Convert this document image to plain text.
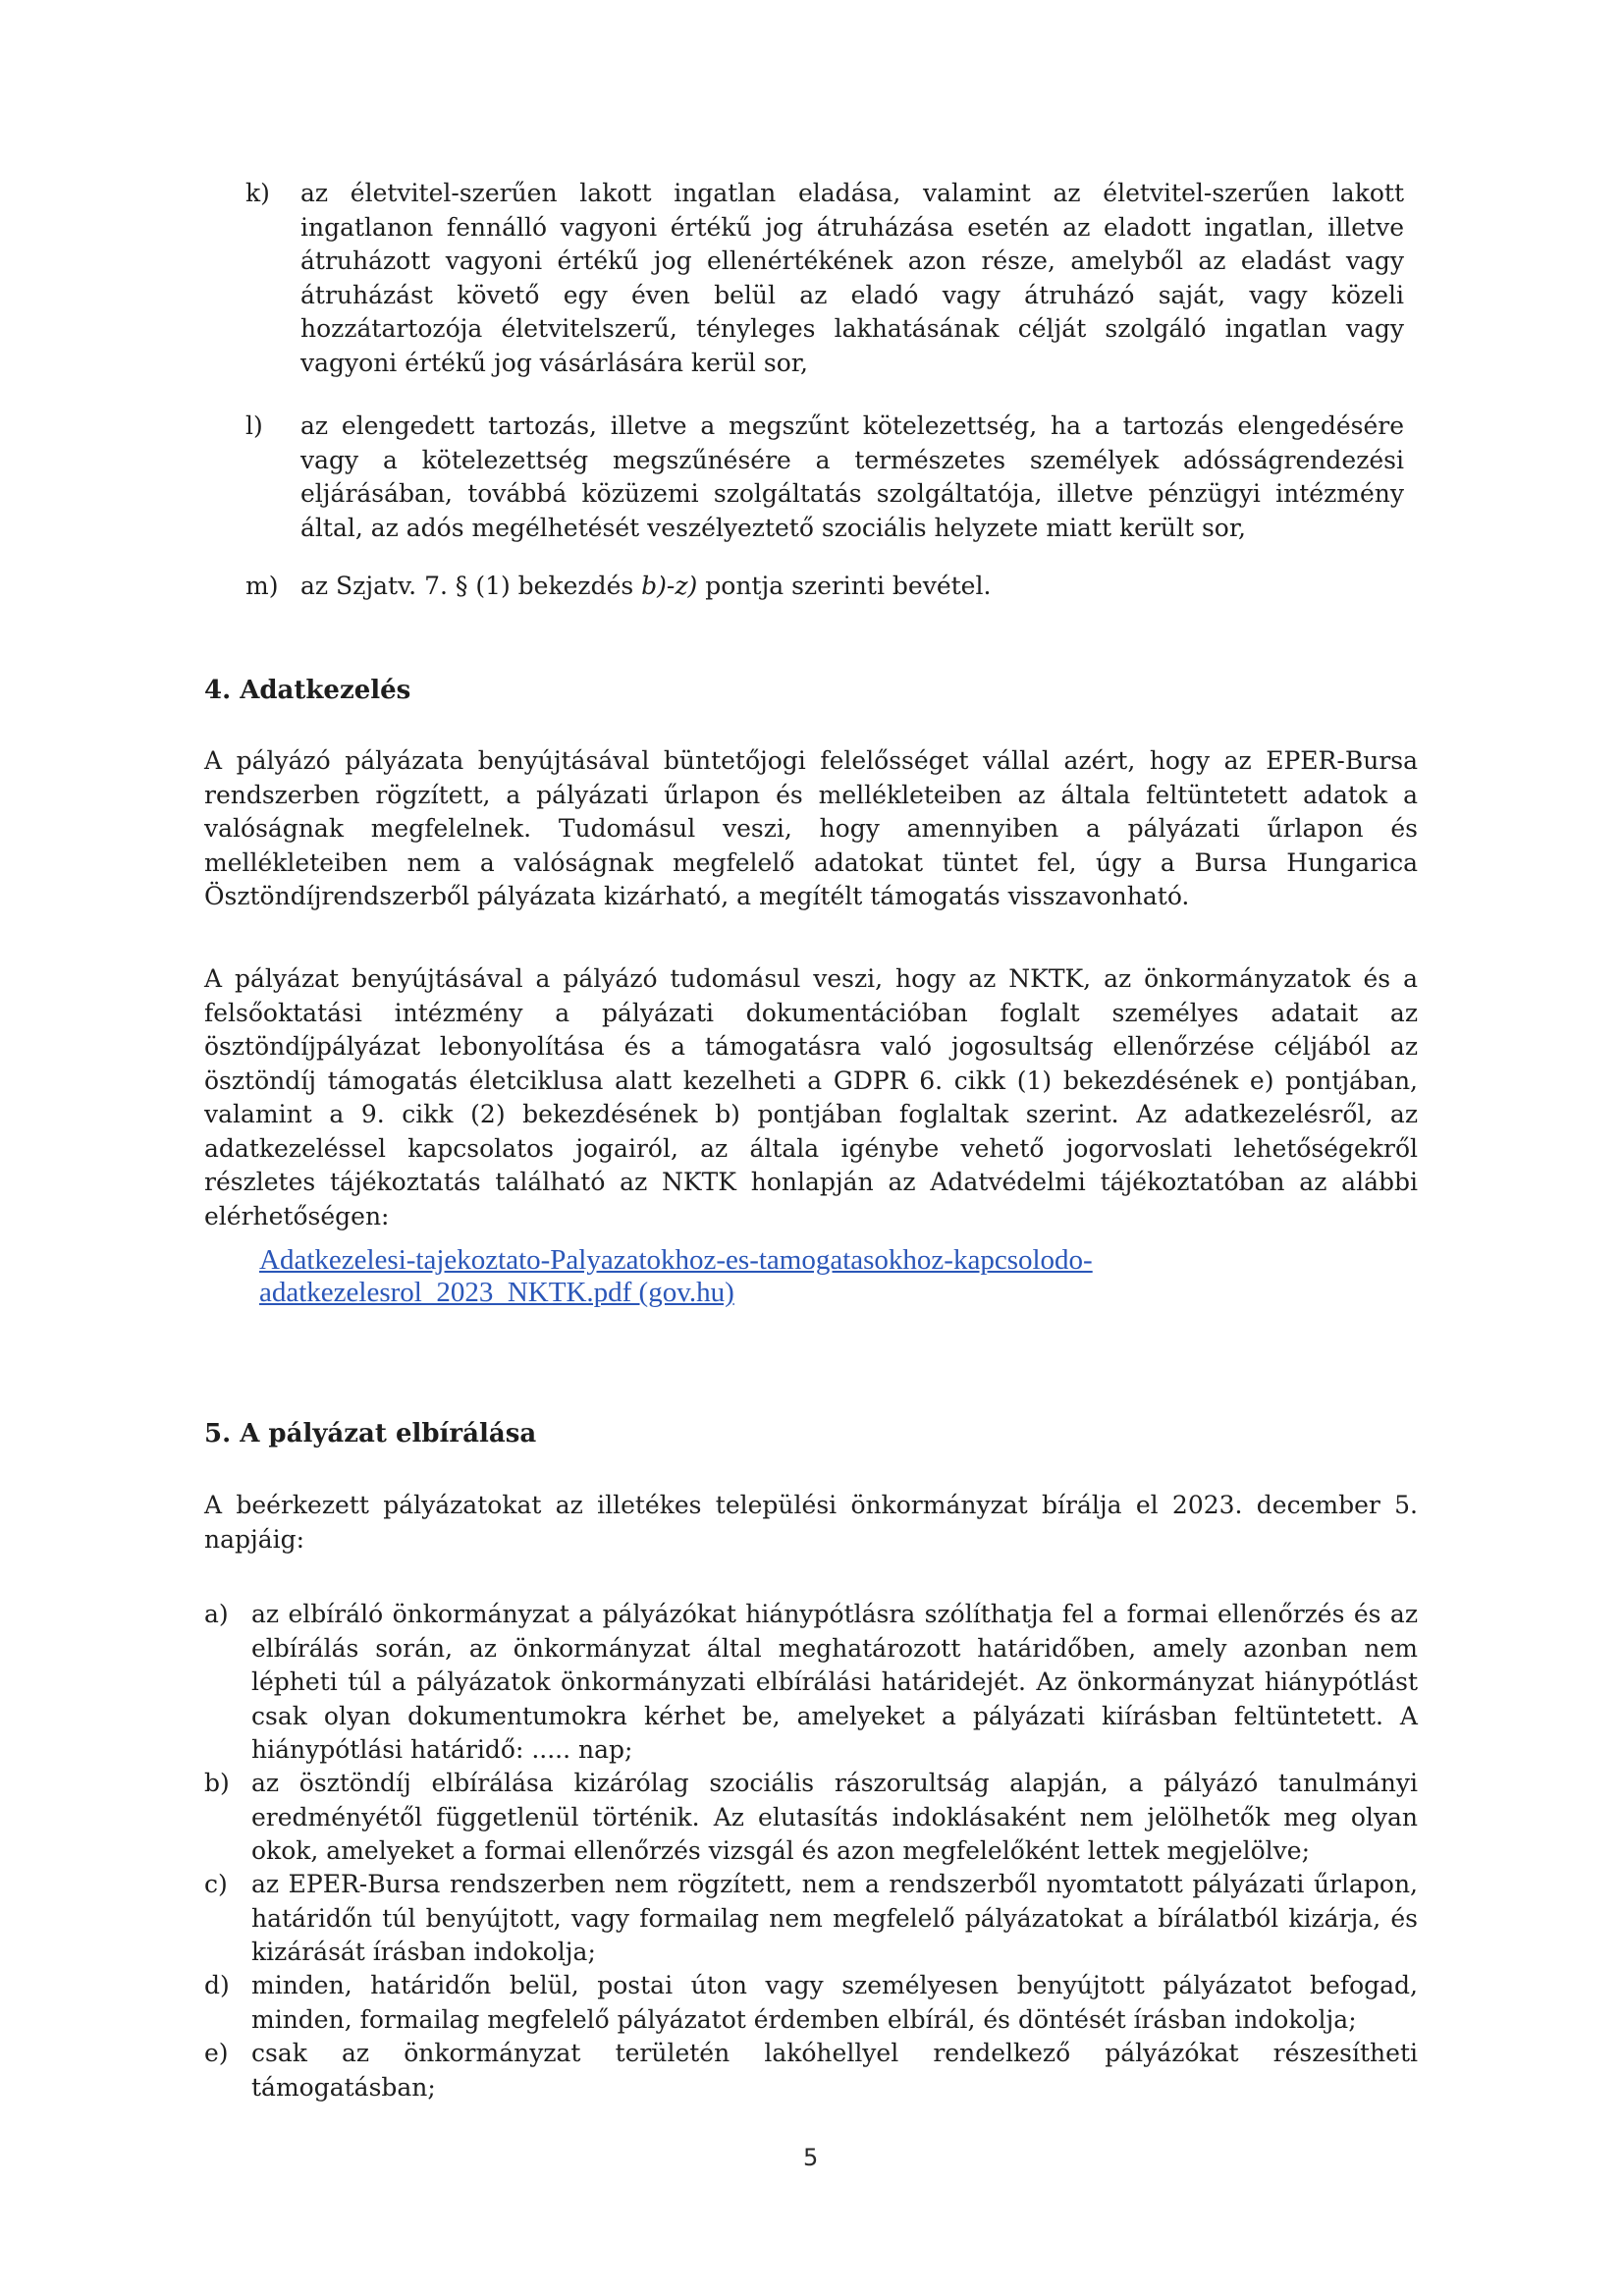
k) az életvitel-szerűen lakott ingatlan eladása, valamint az életvitel-szerűen lakott ingatlanon fennálló vagyoni értékű jog átruházása esetén az eladott ingatlan, illetve átruházott vagyoni értékű jog ellenértékének azon része, amelyből az eladást vagy átruházást követő egy éven belül az eladó vagy átruházó saját, vagy közeli hozzátartozója életvitelszerű, tényleges lakhatásának célját szolgáló ingatlan vagy vagyoni értékű jog vásárlására kerül sor,
l) az elengedett tartozás, illetve a megszűnt kötelezettség, ha a tartozás elengedésére vagy a kötelezettség megszűnésére a természetes személyek adósságrendezési eljárásában, továbbá közüzemi szolgáltatás szolgáltatója, illetve pénzügyi intézmény által, az adós megélhetését veszélyeztető szociális helyzete miatt került sor,
m) az Szjatv. 7. § (1) bekezdés b)-z) pontja szerinti bevétel.
4. Adatkezelés
A pályázó pályázata benyújtásával büntetőjogi felelősséget vállal azért, hogy az EPER-Bursa rendszerben rögzített, a pályázati űrlapon és mellékleteiben az általa feltüntetett adatok a valóságnak megfelelnek. Tudomásul veszi, hogy amennyiben a pályázati űrlapon és mellékleteiben nem a valóságnak megfelelő adatokat tüntet fel, úgy a Bursa Hungarica Ösztöndíjrendszerből pályázata kizárható, a megítélt támogatás visszavonható.
A pályázat benyújtásával a pályázó tudomásul veszi, hogy az NKTK, az önkormányzatok és a felsőoktatási intézmény a pályázati dokumentációban foglalt személyes adatait az ösztöndíjpályázat lebonyolítása és a támogatásra való jogosultság ellenőrzése céljából az ösztöndíj támogatás életciklusa alatt kezelheti a GDPR 6. cikk (1) bekezdésének e) pontjában, valamint a 9. cikk (2) bekezdésének b) pontjában foglaltak szerint. Az adatkezelésről, az adatkezeléssel kapcsolatos jogairól, az általa igénybe vehető jogorvoslati lehetőségekről részletes tájékoztatás található az NKTK honlapján az Adatvédelmi tájékoztatóban az alábbi elérhetőségen:
Adatkezelesi-tajekoztato-Palyazatokhoz-es-tamogatasokhoz-kapcsolodo-
adatkezelesrol_2023_NKTK.pdf (gov.hu)
5. A pályázat elbírálása
A beérkezett pályázatokat az illetékes települési önkormányzat bírálja el 2023. december 5. napjáig:
a) az elbíráló önkormányzat a pályázókat hiánypótlásra szólíthatja fel a formai ellenőrzés és az elbírálás során, az önkormányzat által meghatározott határidőben, amely azonban nem lépheti túl a pályázatok önkormányzati elbírálási határidejét. Az önkormányzat hiánypótlást csak olyan dokumentumokra kérhet be, amelyeket a pályázati kiírásban feltüntetett. A hiánypótlási határidő: ..... nap;
b) az ösztöndíj elbírálása kizárólag szociális rászorultság alapján, a pályázó tanulmányi eredményétől függetlenül történik. Az elutasítás indoklásaként nem jelölhetők meg olyan okok, amelyeket a formai ellenőrzés vizsgál és azon megfelelőként lettek megjelölve;
c) az EPER-Bursa rendszerben nem rögzített, nem a rendszerből nyomtatott pályázati űrlapon, határidőn túl benyújtott, vagy formailag nem megfelelő pályázatokat a bírálatból kizárja, és kizárását írásban indokolja;
d) minden, határidőn belül, postai úton vagy személyesen benyújtott pályázatot befogad, minden, formailag megfelelő pályázatot érdemben elbírál, és döntését írásban indokolja;
e) csak az önkormányzat területén lakóhellyel rendelkező pályázókat részesítheti támogatásban;
5
